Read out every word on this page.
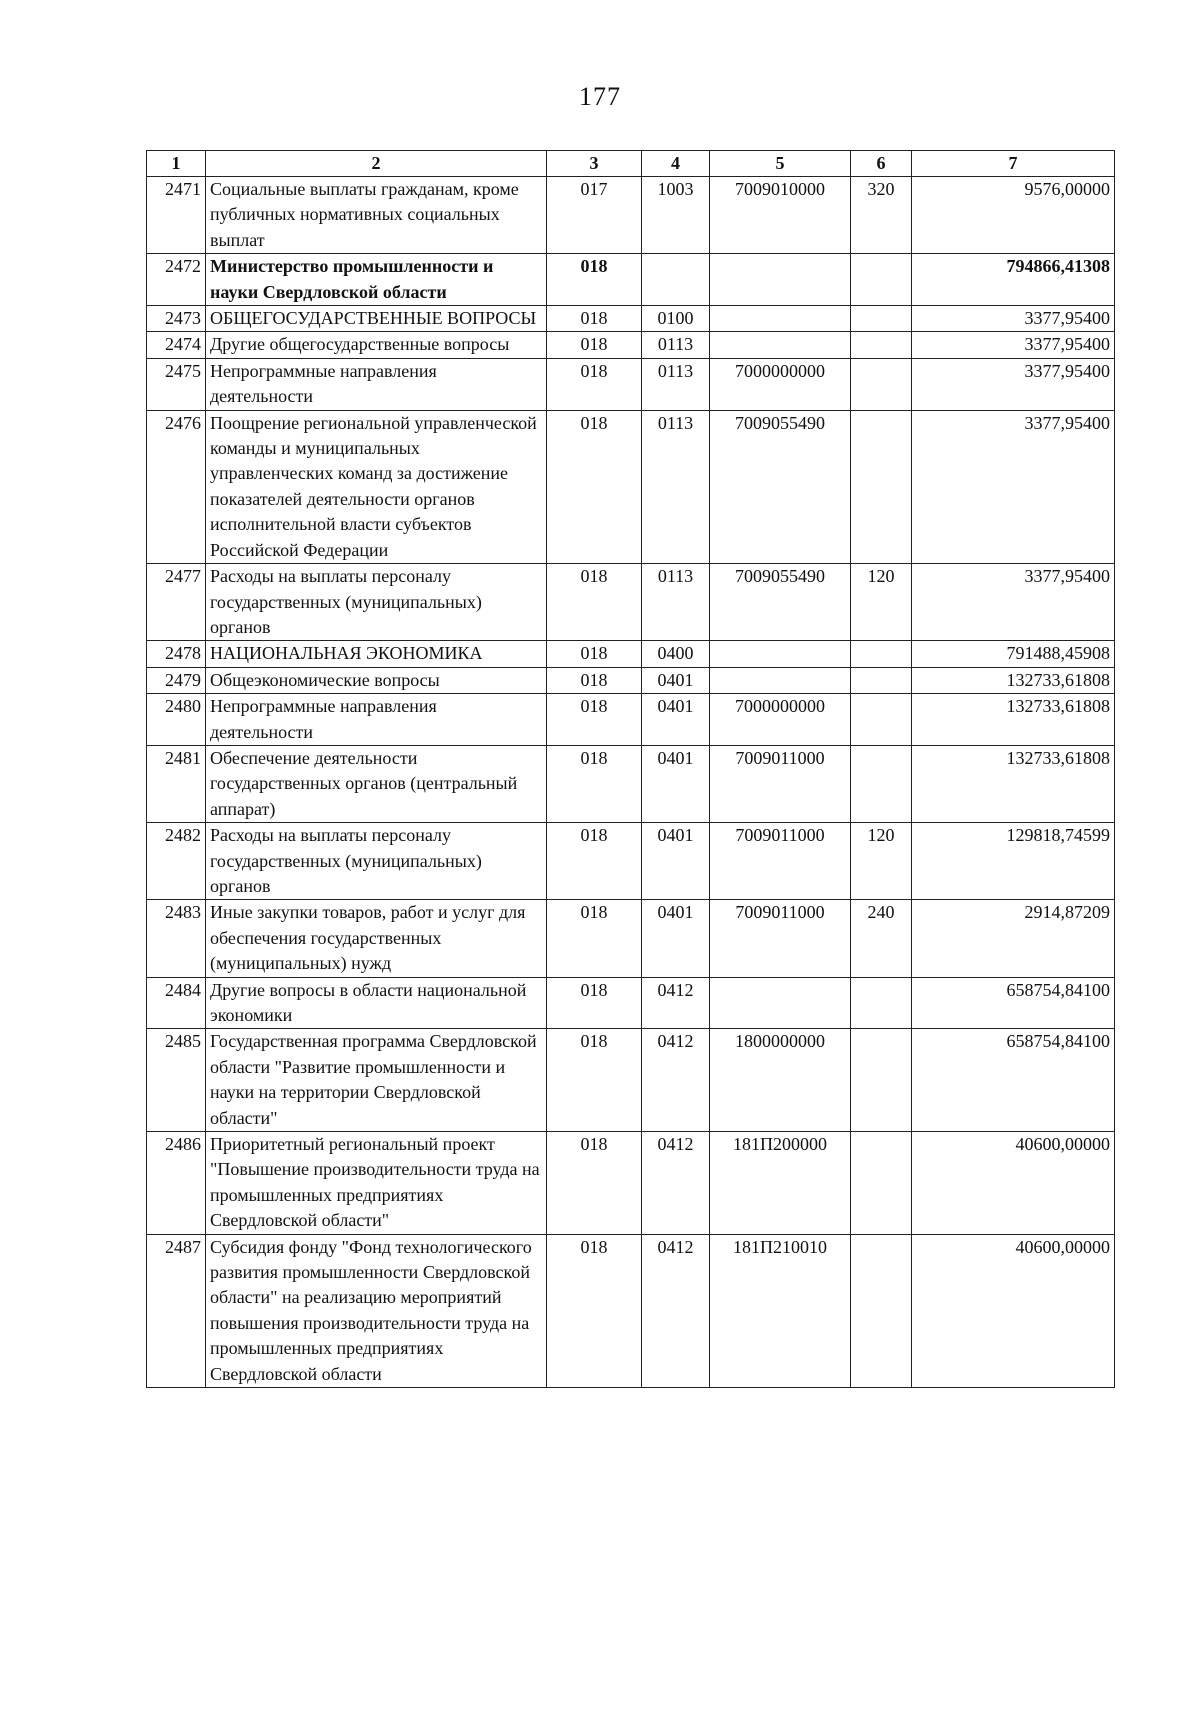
177
1	2	3	4	5	6	7
2471	Социальные выплаты гражданам, кроме публичных нормативных социальных выплат	017	1003	7009010000	320	9576,00000
2472	Министерство промышленности и науки Свердловской области	018				794866,41308
2473	ОБЩЕГОСУДАРСТВЕННЫЕ ВОПРОСЫ	018	0100			3377,95400
2474	Другие общегосударственные вопросы	018	0113			3377,95400
2475	Непрограммные направления деятельности	018	0113	7000000000		3377,95400
2476	Поощрение региональной управленческой команды и муниципальных управленческих команд за достижение показателей деятельности органов исполнительной власти субъектов Российской Федерации	018	0113	7009055490		3377,95400
2477	Расходы на выплаты персоналу государственных (муниципальных) органов	018	0113	7009055490	120	3377,95400
2478	НАЦИОНАЛЬНАЯ ЭКОНОМИКА	018	0400			791488,45908
2479	Общеэкономические вопросы	018	0401			132733,61808
2480	Непрограммные направления деятельности	018	0401	7000000000		132733,61808
2481	Обеспечение деятельности государственных органов (центральный аппарат)	018	0401	7009011000		132733,61808
2482	Расходы на выплаты персоналу государственных (муниципальных) органов	018	0401	7009011000	120	129818,74599
2483	Иные закупки товаров, работ и услуг для обеспечения государственных (муниципальных) нужд	018	0401	7009011000	240	2914,87209
2484	Другие вопросы в области национальной экономики	018	0412			658754,84100
2485	Государственная программа Свердловской области "Развитие промышленности и науки на территории Свердловской области"	018	0412	1800000000		658754,84100
2486	Приоритетный региональный проект "Повышение производительности труда на промышленных предприятиях Свердловской области"	018	0412	181П200000		40600,00000
2487	Субсидия фонду "Фонд технологического развития промышленности Свердловской области" на реализацию мероприятий повышения производительности труда на промышленных предприятиях Свердловской области	018	0412	181П210010		40600,00000
